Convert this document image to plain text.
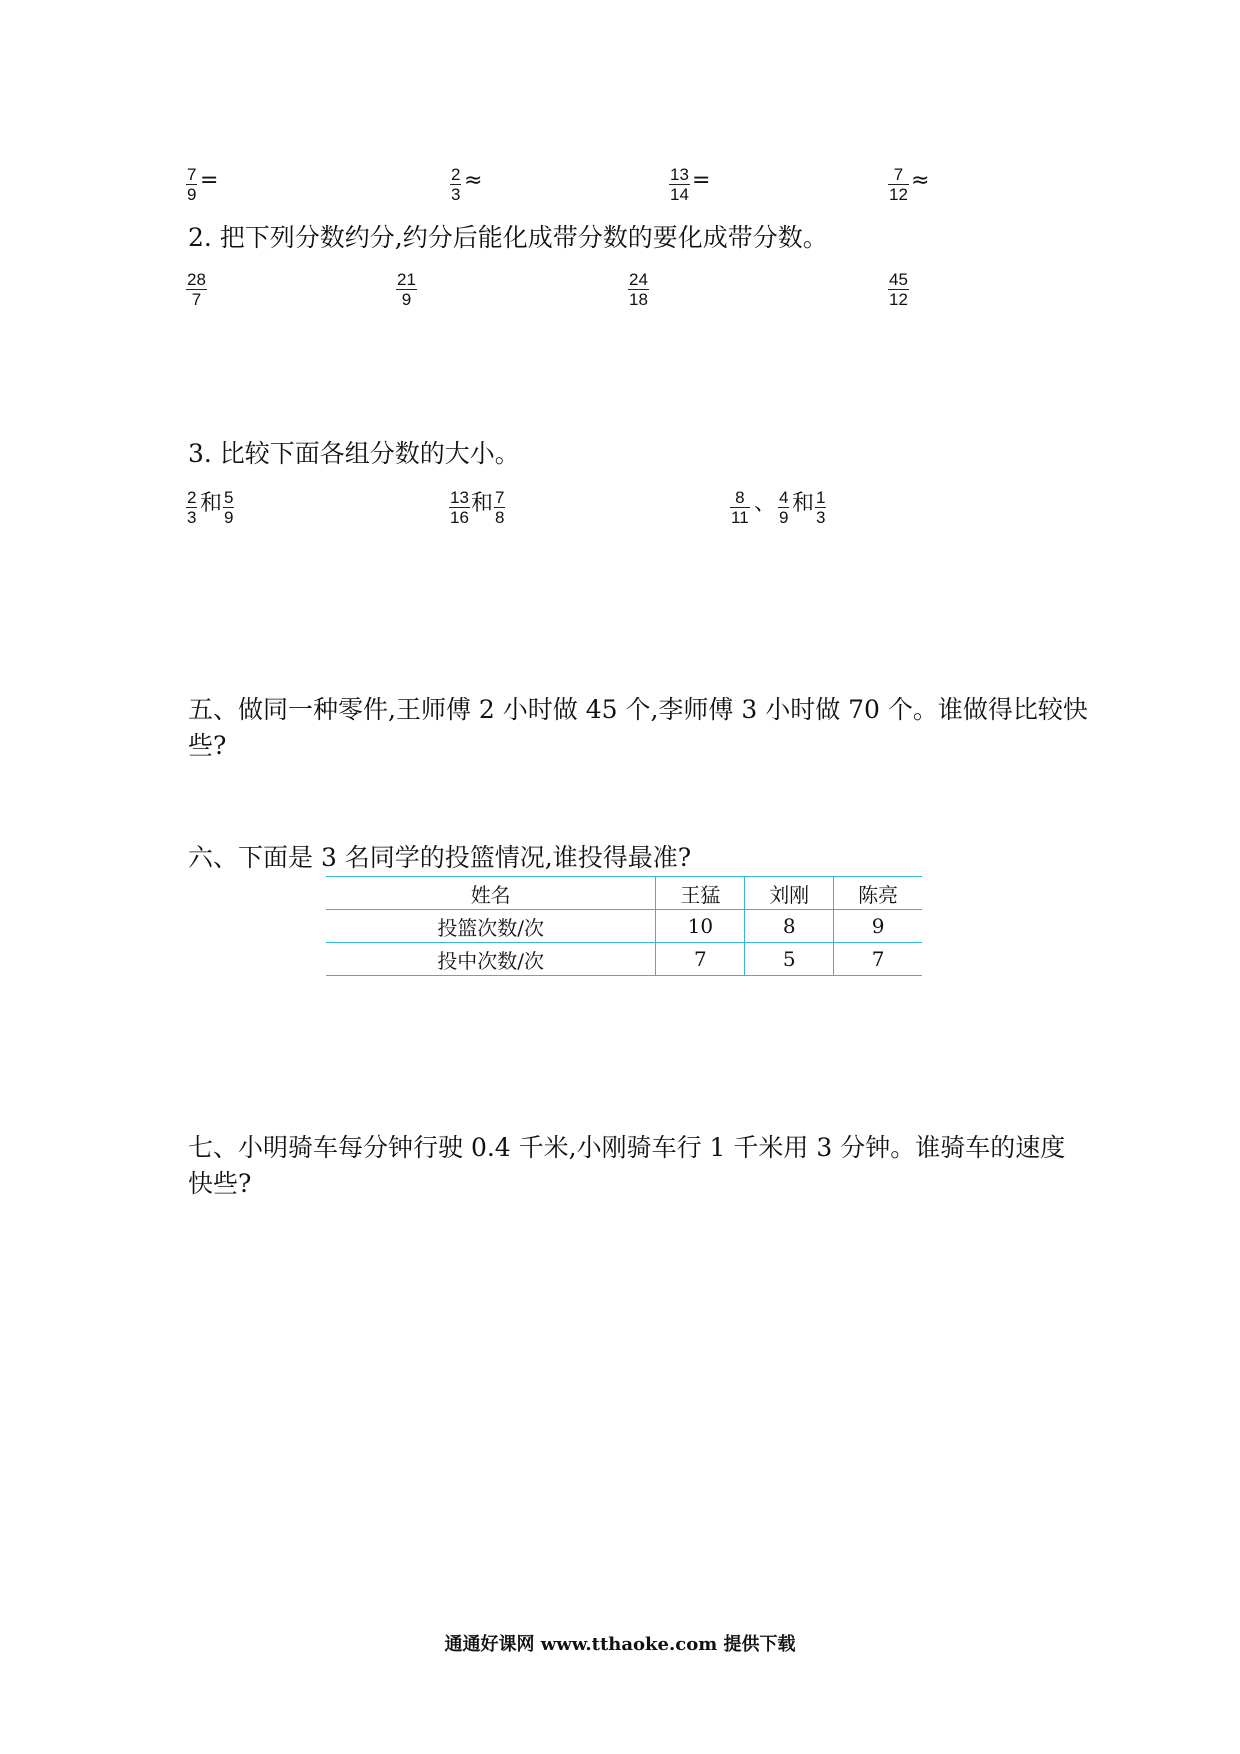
7
9
=	2
3
≈	13
14
=	7
12
≈
2. 把下列分数约分,约分后能化成带分数的要化成带分数。
28
7
21
9
24
18
45
12
3. 比较下面各组分数的大小。
2
3
和 5
9
13
16
和 7
8
8
11
、 4
9
和 1
3
五、做同一种零件,王师傅 2 小时做 45 个,李师傅 3 小时做 70 个。谁做得比较快
些?
六、下面是 3 名同学的投篮情况,谁投得最准?
姓名	王猛	刘刚	陈亮
投篮次数/次	10	8	9
投中次数/次	7	5	7
七、小明骑车每分钟行驶 0.4 千米,小刚骑车行 1 千米用 3 分钟。谁骑车的速度
快些?
通通好课网 www.tthaoke.com 提供下载
